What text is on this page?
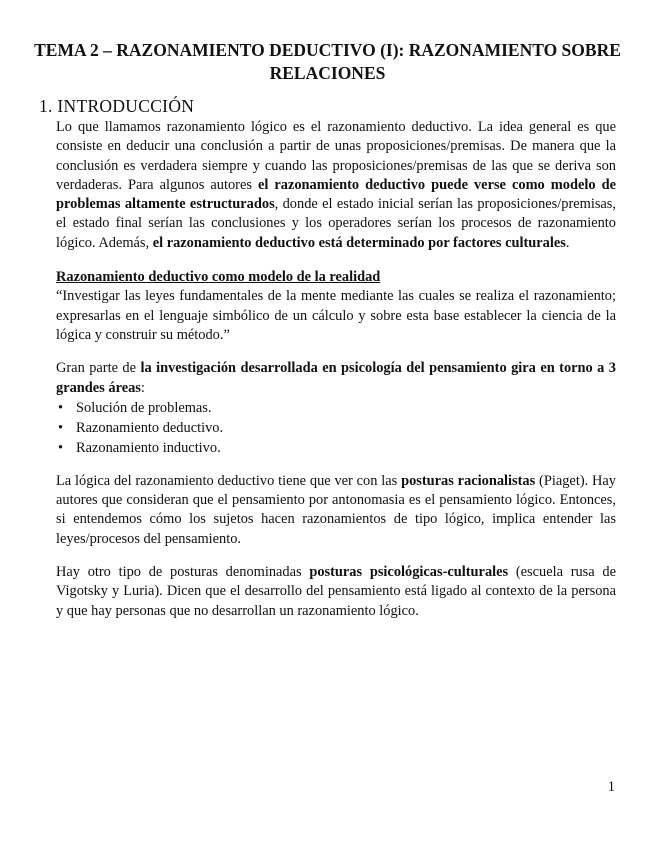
TEMA 2 – RAZONAMIENTO DEDUCTIVO (I): RAZONAMIENTO SOBRE RELACIONES
1. INTRODUCCIÓN

Lo que llamamos razonamiento lógico es el razonamiento deductivo. La idea general es que consiste en deducir una conclusión a partir de unas proposiciones/premisas. De manera que la conclusión es verdadera siempre y cuando las proposiciones/premisas de las que se deriva son verdaderas. Para algunos autores el razonamiento deductivo puede verse como modelo de problemas altamente estructurados, donde el estado inicial serían las proposiciones/premisas, el estado final serían las conclusiones y los operadores serían los procesos de razonamiento lógico. Además, el razonamiento deductivo está determinado por factores culturales.

Razonamiento deductivo como modelo de la realidad

“Investigar las leyes fundamentales de la mente mediante las cuales se realiza el razonamiento; expresarlas en el lenguaje simbólico de un cálculo y sobre esta base establecer la ciencia de la lógica y construir su método.”

Gran parte de la investigación desarrollada en psicología del pensamiento gira en torno a 3 grandes áreas:

• Solución de problemas.
• Razonamiento deductivo.
• Razonamiento inductivo.

La lógica del razonamiento deductivo tiene que ver con las posturas racionalistas (Piaget). Hay autores que consideran que el pensamiento por antonomasia es el pensamiento lógico. Entonces, si entendemos cómo los sujetos hacen razonamientos de tipo lógico, implica entender las leyes/procesos del pensamiento.

Hay otro tipo de posturas denominadas posturas psicológicas-culturales (escuela rusa de Vigotsky y Luria). Dicen que el desarrollo del pensamiento está ligado al contexto de la persona y que hay personas que no desarrollan un razonamiento lógico.

1
